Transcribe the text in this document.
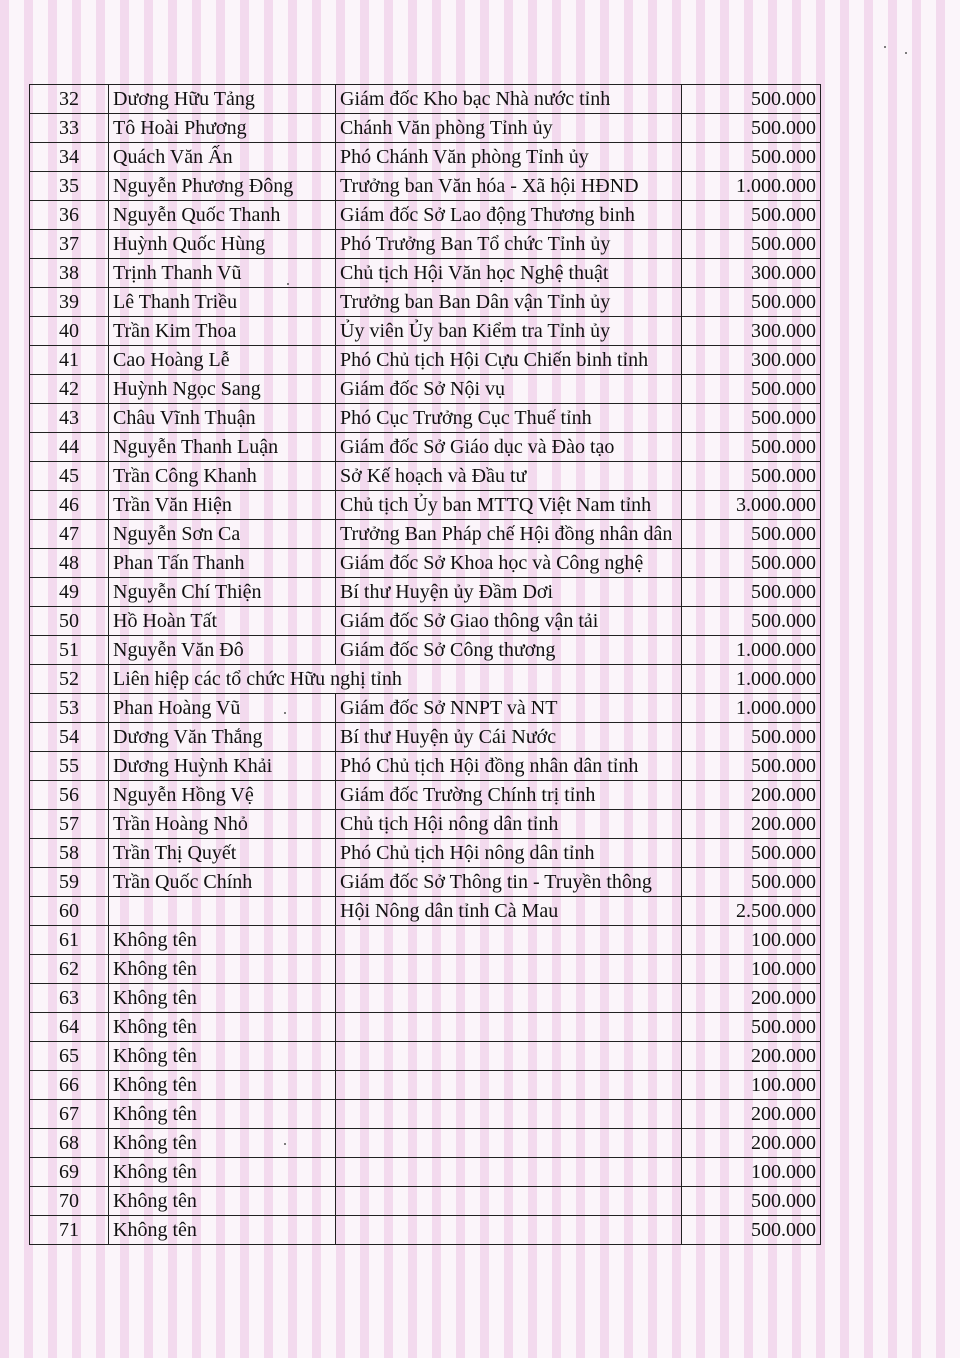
32	Dương Hữu Tảng	Giám đốc Kho bạc Nhà nước tỉnh	500.000
33	Tô Hoài Phương	Chánh Văn phòng Tỉnh ủy	500.000
34	Quách Văn Ấn	Phó Chánh Văn phòng Tỉnh ủy	500.000
35	Nguyễn Phương Đông	Trưởng ban Văn hóa - Xã hội HĐND	1.000.000
36	Nguyễn Quốc Thanh	Giám đốc Sở Lao động Thương binh	500.000
37	Huỳnh Quốc Hùng	Phó Trưởng Ban Tổ chức Tỉnh ủy	500.000
38	Trịnh Thanh Vũ	Chủ tịch Hội Văn học Nghệ thuật	300.000
39	Lê Thanh Triều	Trưởng ban Ban Dân vận Tỉnh ủy	500.000
40	Trần Kim Thoa	Ủy viên Ủy ban Kiểm tra Tỉnh ủy	300.000
41	Cao Hoàng Lễ	Phó Chủ tịch Hội Cựu Chiến binh tỉnh	300.000
42	Huỳnh Ngọc Sang	Giám đốc Sở Nội vụ	500.000
43	Châu Vĩnh Thuận	Phó Cục Trưởng Cục Thuế tỉnh	500.000
44	Nguyễn Thanh Luận	Giám đốc Sở Giáo dục và Đào tạo	500.000
45	Trần Công Khanh	Sở Kế hoạch và Đầu tư	500.000
46	Trần Văn Hiện	Chủ tịch Ủy ban MTTQ Việt Nam tỉnh	3.000.000
47	Nguyễn Sơn Ca	Trưởng Ban Pháp chế Hội đồng nhân dân	500.000
48	Phan Tấn Thanh	Giám đốc Sở Khoa học và Công nghệ	500.000
49	Nguyễn Chí Thiện	Bí thư Huyện ủy Đầm Dơi	500.000
50	Hồ Hoàn Tất	Giám đốc Sở Giao thông vận tải	500.000
51	Nguyễn Văn Đô	Giám đốc Sở Công thương	1.000.000
52	Liên hiệp các tổ chức Hữu nghị tỉnh		1.000.000
53	Phan Hoàng Vũ	Giám đốc Sở NNPT và NT	1.000.000
54	Dương Văn Thắng	Bí thư Huyện ủy Cái Nước	500.000
55	Dương Huỳnh Khải	Phó Chủ tịch Hội đồng nhân dân tỉnh	500.000
56	Nguyễn Hồng Vệ	Giám đốc Trường Chính trị tỉnh	200.000
57	Trần Hoàng Nhỏ	Chủ tịch Hội nông dân tỉnh	200.000
58	Trần Thị Quyết	Phó Chủ tịch Hội nông dân tỉnh	500.000
59	Trần Quốc Chính	Giám đốc Sở Thông tin - Truyền thông	500.000
60		Hội Nông dân tỉnh Cà Mau	2.500.000
61	Không tên		100.000
62	Không tên		100.000
63	Không tên		200.000
64	Không tên		500.000
65	Không tên		200.000
66	Không tên		100.000
67	Không tên		200.000
68	Không tên		200.000
69	Không tên		100.000
70	Không tên		500.000
71	Không tên		500.000
